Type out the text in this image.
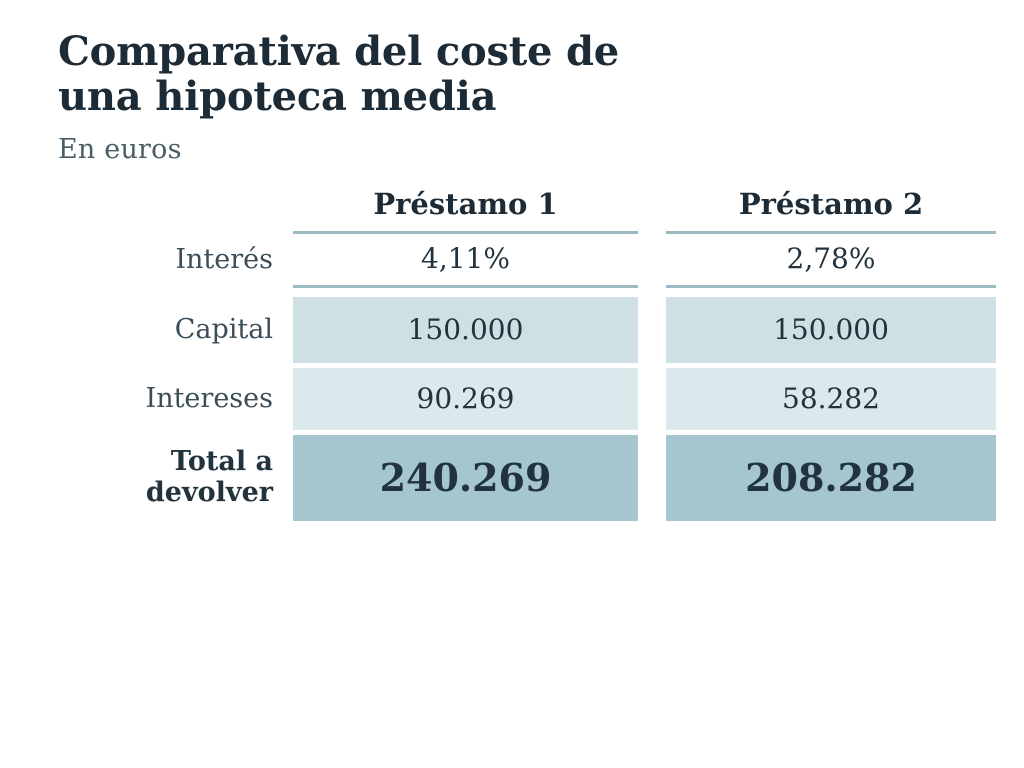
Comparativa del coste de
una hipoteca media
En euros
	Préstamo 1		Préstamo 2

Interés	4,11%		2,78%

Capital	150.000		150.000

Intereses	90.269		58.282

Total a
devolver	240.269		208.282
